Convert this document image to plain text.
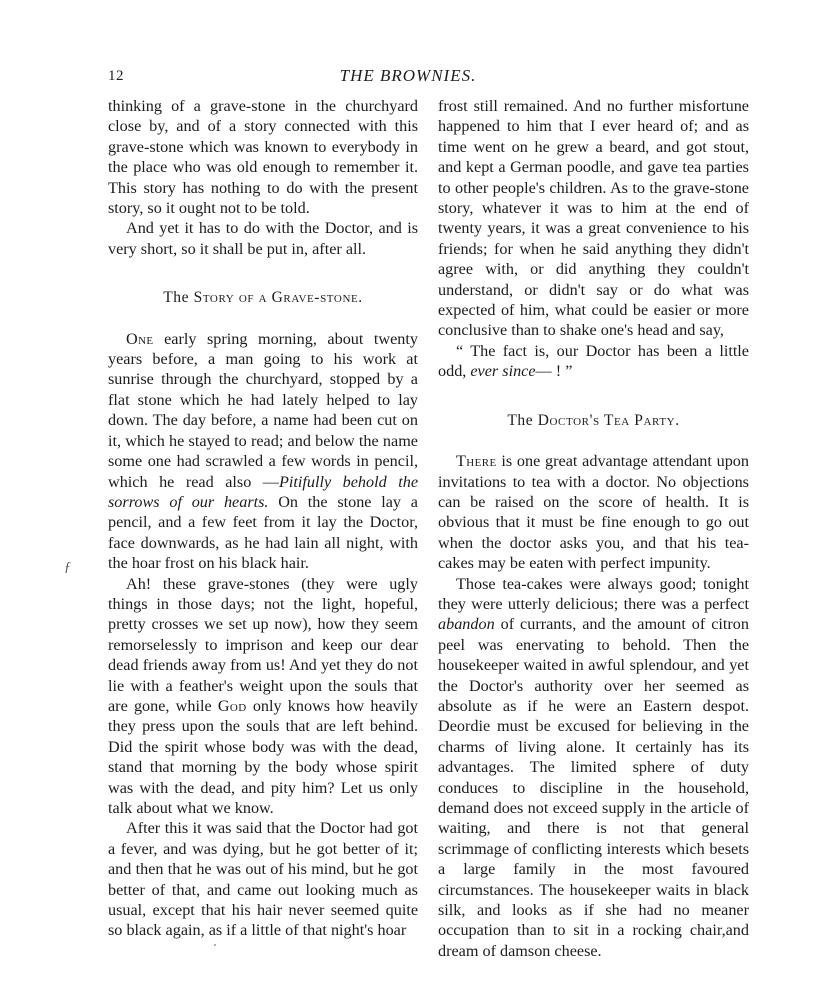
12	THE BROWNIES.
ƒ

thinking of a grave-stone in the churchyard close by, and of a story connected with this grave-stone which was known to everybody in the place who was old enough to remember it. This story has nothing to do with the present story, so it ought not to be told.

And yet it has to do with the Doctor, and is very short, so it shall be put in, after all.

The Story of a Grave-stone.

One early spring morning, about twenty years before, a man going to his work at sunrise through the churchyard, stopped by a flat stone which he had lately helped to lay down. The day before, a name had been cut on it, which he stayed to read; and below the name some one had scrawled a few words in pencil, which he read also —Pitifully behold the sorrows of our hearts. On the stone lay a pencil, and a few feet from it lay the Doctor, face downwards, as he had lain all night, with the hoar frost on his black hair.

Ah! these grave-stones (they were ugly things in those days; not the light, hopeful, pretty crosses we set up now), how they seem remorselessly to imprison and keep our dear dead friends away from us! And yet they do not lie with a feather's weight upon the souls that are gone, while God only knows how heavily they press upon the souls that are left behind. Did the spirit whose body was with the dead, stand that morning by the body whose spirit was with the dead, and pity him? Let us only talk about what we know.

After this it was said that the Doctor had got a fever, and was dying, but he got better of it; and then that he was out of his mind, but he got better of that, and came out looking much as usual, except that his hair never seemed quite so black again, as if a little of that night's hoar

frost still remained. And no further misfortune happened to him that I ever heard of; and as time went on he grew a beard, and got stout, and kept a German poodle, and gave tea parties to other people's children. As to the grave-stone story, whatever it was to him at the end of twenty years, it was a great convenience to his friends; for when he said anything they didn't agree with, or did anything they couldn't understand, or didn't say or do what was expected of him, what could be easier or more conclusive than to shake one's head and say,

“ The fact is, our Doctor has been a little odd, ever since— ! ”

The Doctor's Tea Party.

There is one great advantage attendant upon invitations to tea with a doctor. No objections can be raised on the score of health. It is obvious that it must be fine enough to go out when the doctor asks you, and that his tea-cakes may be eaten with perfect impunity.

Those tea-cakes were always good; tonight they were utterly delicious; there was a perfect abandon of currants, and the amount of citron peel was enervating to behold. Then the housekeeper waited in awful splendour, and yet the Doctor's authority over her seemed as absolute as if he were an Eastern despot. Deordie must be excused for believing in the charms of living alone. It certainly has its advantages. The limited sphere of duty conduces to discipline in the household, demand does not exceed supply in the article of waiting, and there is not that general scrimmage of conflicting interests which besets a large family in the most favoured circumstances. The housekeeper waits in black silk, and looks as if she had no meaner occupation than to sit in a rocking chair,and dream of damson cheese.
